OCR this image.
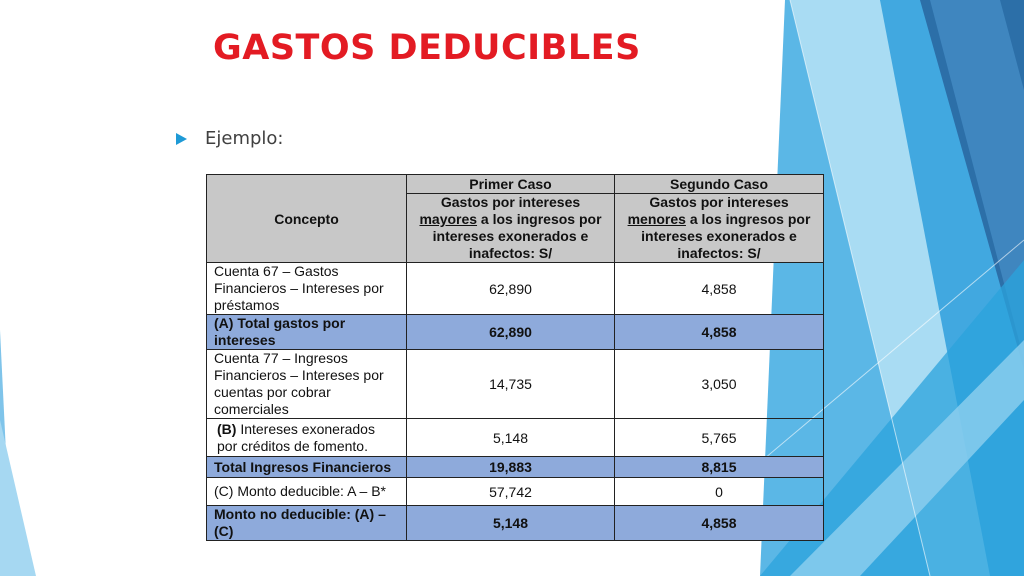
GASTOS DEDUCIBLES
Ejemplo:
Concepto	Primer Caso	Segundo Caso
	Gastos por intereses mayores a los ingresos por intereses exonerados e inafectos: S/	Gastos por intereses menores a los ingresos por intereses exonerados e inafectos: S/
Cuenta 67 – Gastos Financieros – Intereses por préstamos	62,890	4,858
(A) Total gastos por intereses	62,890	4,858
Cuenta 77 – Ingresos Financieros – Intereses por cuentas por cobrar comerciales	14,735	3,050
(B) Intereses exonerados por créditos de fomento.	5,148	5,765
Total Ingresos Financieros	19,883	8,815
(C) Monto deducible: A – B*	57,742	0
Monto no deducible: (A) – (C)	5,148	4,858
